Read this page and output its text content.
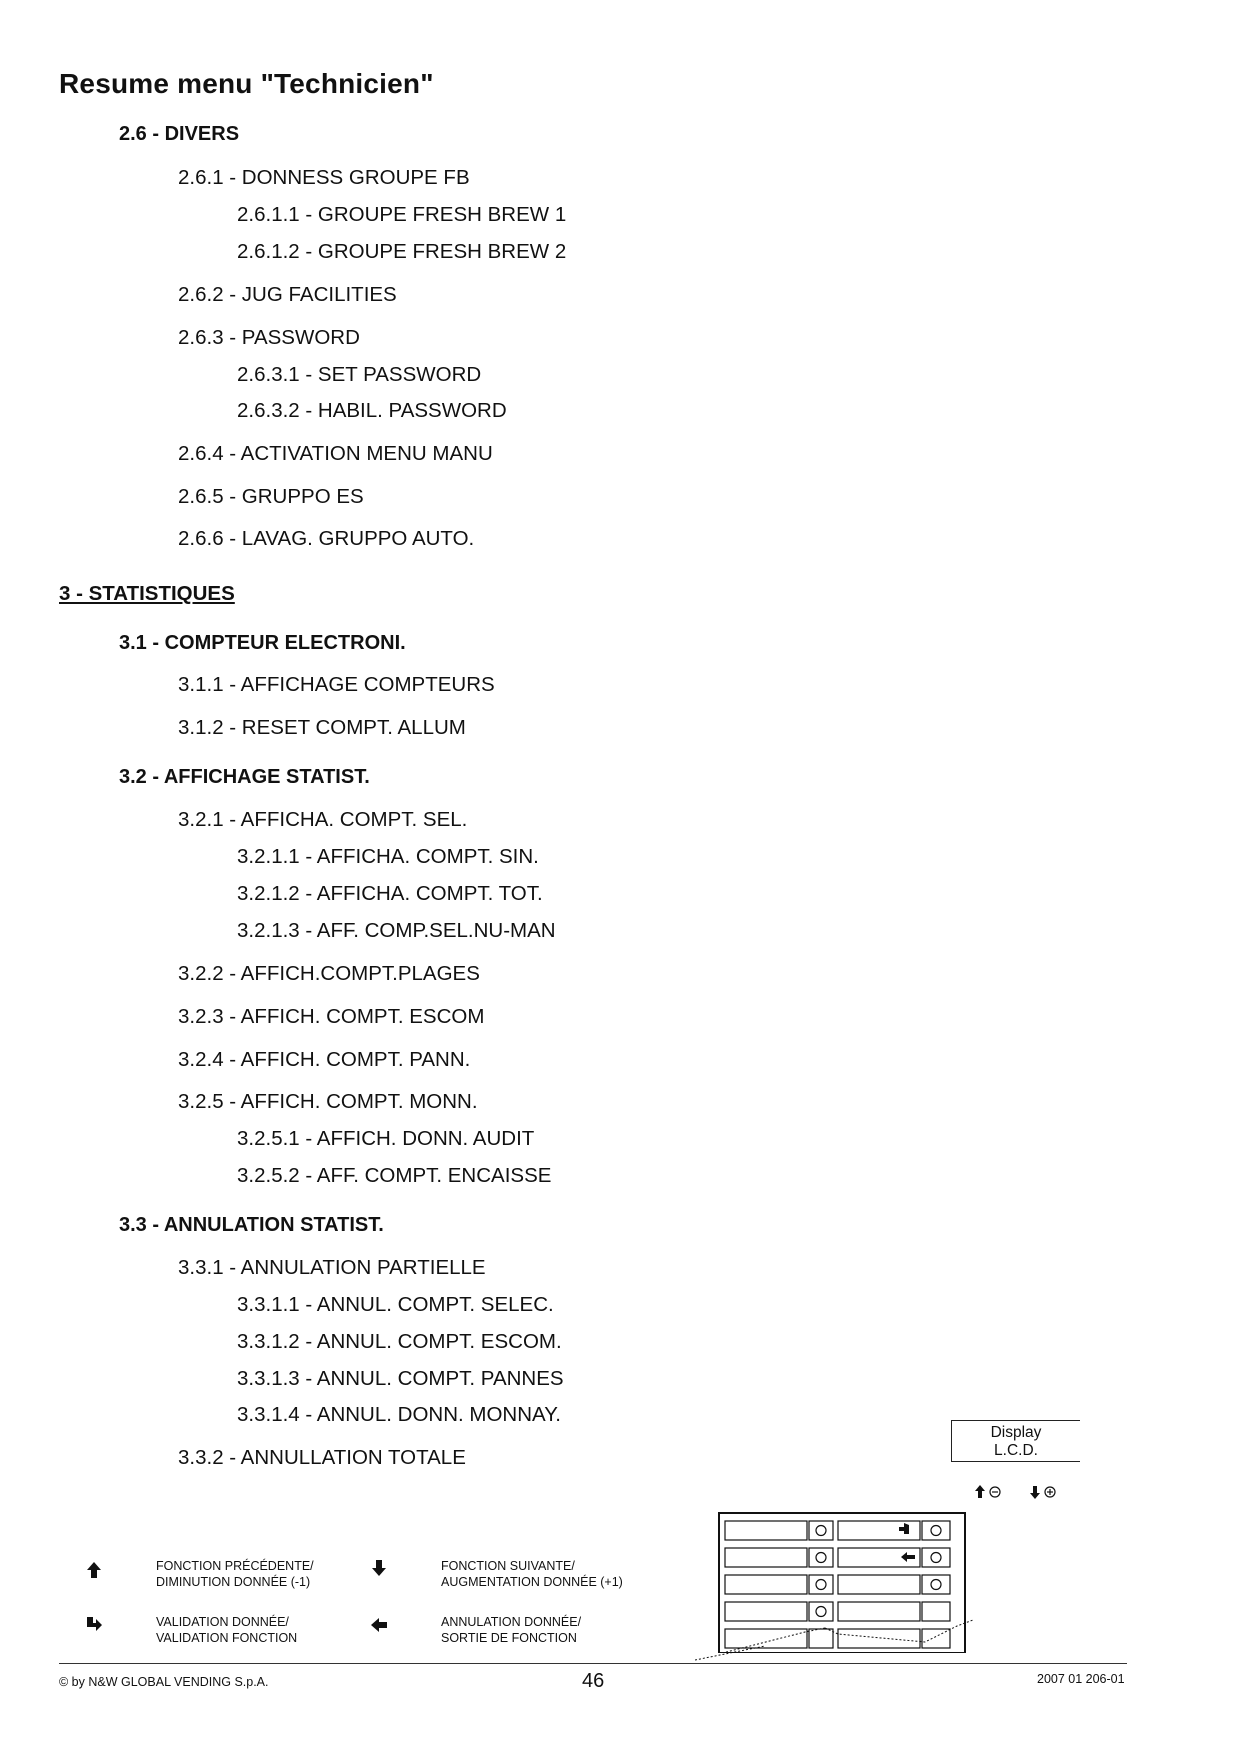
Resume menu "Technicien"
2.6 - DIVERS
2.6.1 - DONNESS GROUPE FB
2.6.1.1 - GROUPE FRESH BREW 1
2.6.1.2 - GROUPE FRESH BREW 2
2.6.2 - JUG FACILITIES
2.6.3 - PASSWORD
2.6.3.1 - SET PASSWORD
2.6.3.2 - HABIL. PASSWORD
2.6.4 - ACTIVATION MENU MANU
2.6.5 - GRUPPO ES
2.6.6 - LAVAG. GRUPPO AUTO.
3 - STATISTIQUES
3.1 - COMPTEUR ELECTRONI.
3.1.1 - AFFICHAGE COMPTEURS
3.1.2 - RESET COMPT. ALLUM
3.2 - AFFICHAGE STATIST.
3.2.1 - AFFICHA. COMPT. SEL.
3.2.1.1 - AFFICHA. COMPT. SIN.
3.2.1.2 - AFFICHA. COMPT. TOT.
3.2.1.3 - AFF. COMP.SEL.NU-MAN
3.2.2 - AFFICH.COMPT.PLAGES
3.2.3 - AFFICH. COMPT. ESCOM
3.2.4 - AFFICH. COMPT. PANN.
3.2.5 - AFFICH. COMPT. MONN.
3.2.5.1 - AFFICH. DONN. AUDIT
3.2.5.2 - AFF. COMPT. ENCAISSE
3.3 - ANNULATION STATIST.
3.3.1 - ANNULATION PARTIELLE
3.3.1.1 - ANNUL. COMPT. SELEC.
3.3.1.2 - ANNUL. COMPT. ESCOM.
3.3.1.3 - ANNUL. COMPT. PANNES
3.3.1.4 - ANNUL. DONN. MONNAY.
3.3.2 - ANNULLATION TOTALE
Display
L.C.D.
FONCTION PRÉCÉDENTE/
DIMINUTION DONNÉE (-1)
FONCTION SUIVANTE/
AUGMENTATION DONNÉE (+1)
VALIDATION DONNÉE/
VALIDATION FONCTION
ANNULATION DONNÉE/
SORTIE DE FONCTION
© by N&W GLOBAL VENDING S.p.A.	46	2007 01 206-01
